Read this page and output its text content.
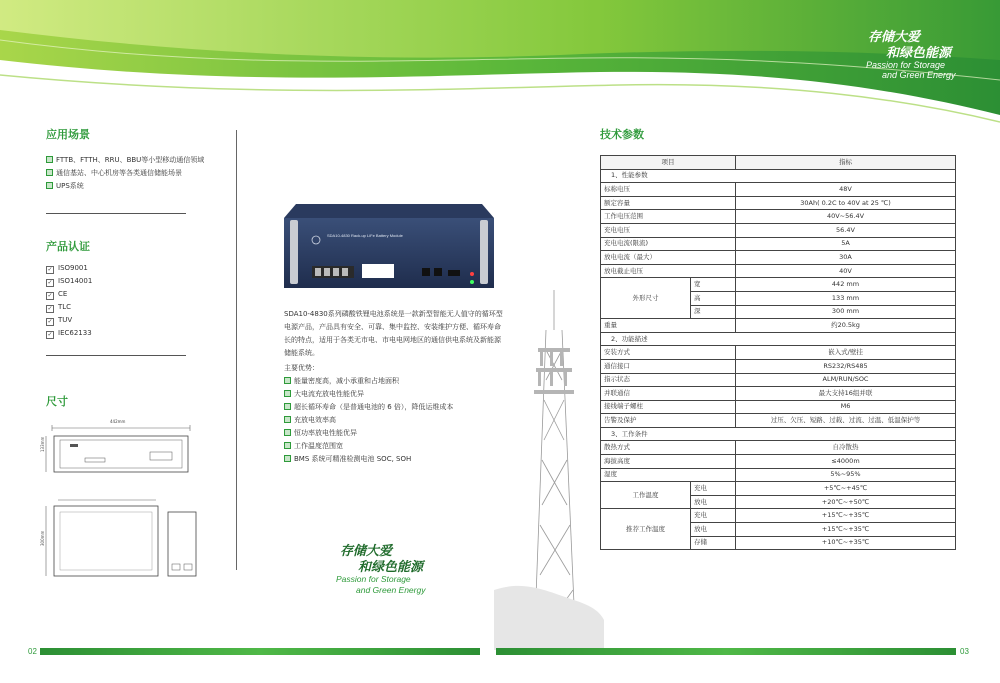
存储大爱
和绿色能源
Passion for Storage
and Green Energy
应用场景
FTTB、FTTH、RRU、BBU等小型移动通信领域
通信基站、中心机房等各类通信储能场景
UPS系统
产品认证
✓ ISO9001
✓ ISO14001
✓ CE
✓ TLC
✓ TUV
✓ IEC62133
尺寸
442mm
133mm
300mm
SDA10-4830 Rack-up LiFe Battery Module
SDA10-4830系列磷酸铁锂电池系统是一款新型智能无人值守的循环型电源产品，产品具有安全、可靠、集中监控、安装维护方便、循环寿命长的特点，适用于各类无市电、市电电网地区的通信供电系统及新能源储能系统。
主要优势：
能量密度高，减小承重和占地面积
大电流充放电性能优异
超长循环寿命（是普通电池的 6 倍），降低运维成本
充放电效率高
恒功率放电性能优异
工作温度范围宽
BMS 系统可精准检测电池 SOC, SOH
存储大爱
和绿色能源
Passion for Storage
and Green Energy
技术参数
项目		指标
1、性能参数		
标称电压		48V
额定容量		30Ah( 0.2C to 40V at 25 ℃)
工作电压范围		40V~56.4V
充电电压		56.4V
充电电流(限流)		5A
放电电流（最大）		30A
放电截止电压		40V
外形尺寸	宽	442 mm
	高	133 mm
	深	300 mm
重量		约20.5kg
2、功能描述		
安装方式		嵌入式/壁挂
通信接口		RS232/RS485
指示状态		ALM/RUN/SOC
并联通信		最大支持16组并联
接线端子螺柱		M6
告警及保护		过压、欠压、短路、过载、过流、过温、低温保护等
3、工作条件		
散热方式		自冷散热
海拔高度		≤4000m
湿度		5%~95%
工作温度	充电	+5℃~+45℃
	放电	+20℃~+50℃
推荐工作温度	充电	+15℃~+35℃
	放电	+15℃~+35℃
	存储	+10℃~+35℃
02	03
